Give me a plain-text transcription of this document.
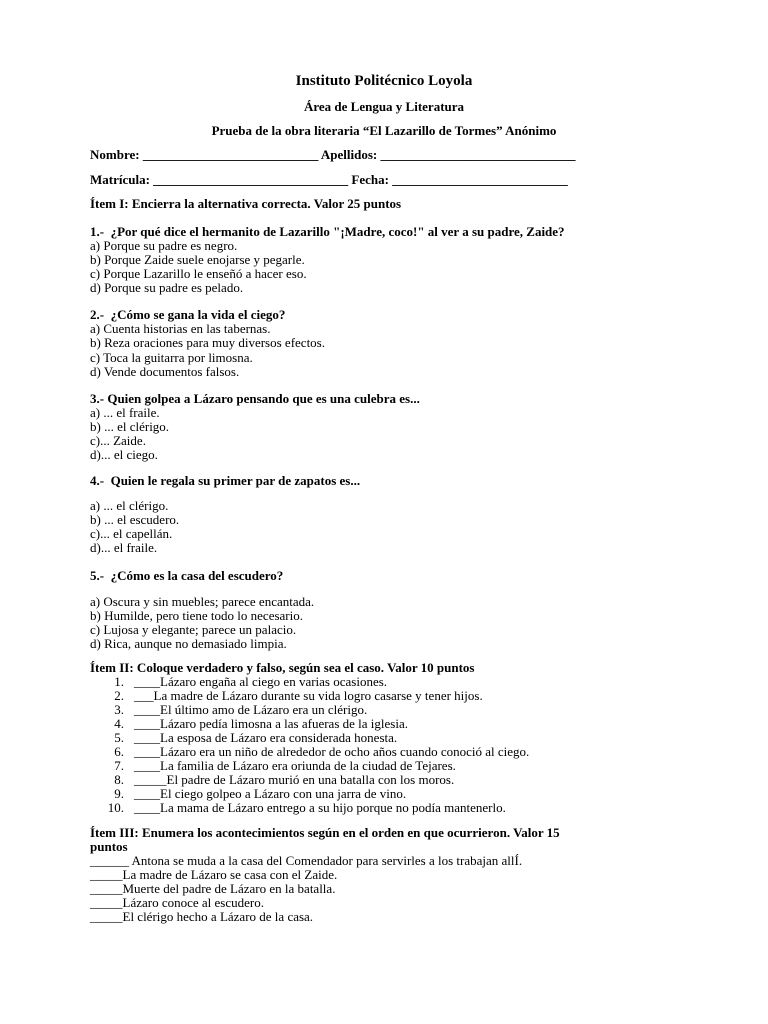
Instituto Politécnico Loyola
Área de Lengua y Literatura
Prueba de la obra literaria “El Lazarillo de Tormes” Anónimo
Nombre: ___________________________ Apellidos: ______________________________
Matrícula: ______________________________ Fecha: ___________________________
Ítem I: Encierra la alternativa correcta. Valor 25 puntos
1.-  ¿Por qué dice el hermanito de Lazarillo "¡Madre, coco!" al ver a su padre, Zaide?
a) Porque su padre es negro.
b) Porque Zaide suele enojarse y pegarle.
c) Porque Lazarillo le enseñó a hacer eso.
d) Porque su padre es pelado.
2.-  ¿Cómo se gana la vida el ciego?
a) Cuenta historias en las tabernas.
b) Reza oraciones para muy diversos efectos.
c) Toca la guitarra por limosna.
d) Vende documentos falsos.
3.- Quien golpea a Lázaro pensando que es una culebra es...
a) ... el fraile.
b) ... el clérigo.
c)... Zaide.
d)... el ciego.
4.-  Quien le regala su primer par de zapatos es...
a) ... el clérigo.
b) ... el escudero.
c)... el capellán.
d)... el fraile.
5.-  ¿Cómo es la casa del escudero?
a) Oscura y sin muebles; parece encantada.
b) Humilde, pero tiene todo lo necesario.
c) Lujosa y elegante; parece un palacio.
d) Rica, aunque no demasiado limpia.
Ítem II: Coloque verdadero y falso, según sea el caso. Valor 10 puntos
1. ____Lázaro engaña al ciego en varias ocasiones.
2. ___La madre de Lázaro durante su vida logro casarse y tener hijos.
3. ____El último amo de Lázaro era un clérigo.
4. ____Lázaro pedía limosna a las afueras de la iglesia.
5. ____La esposa de Lázaro era considerada honesta.
6. ____Lázaro era un niño de alrededor de ocho años cuando conoció al ciego.
7. ____La familia de Lázaro era oriunda de la ciudad de Tejares.
8. _____El padre de Lázaro murió en una batalla con los moros.
9. ____El ciego golpeo a Lázaro con una jarra de vino.
10. ____La mama de Lázaro entrego a su hijo porque no podía mantenerlo.
Ítem III: Enumera los acontecimientos según en el orden en que ocurrieron. Valor 15
puntos
______ Antona se muda a la casa del Comendador para servirles a los trabajan allÍ.
_____La madre de Lázaro se casa con el Zaide.
_____Muerte del padre de Lázaro en la batalla.
_____Lázaro conoce al escudero.
_____El clérigo hecho a Lázaro de la casa.
